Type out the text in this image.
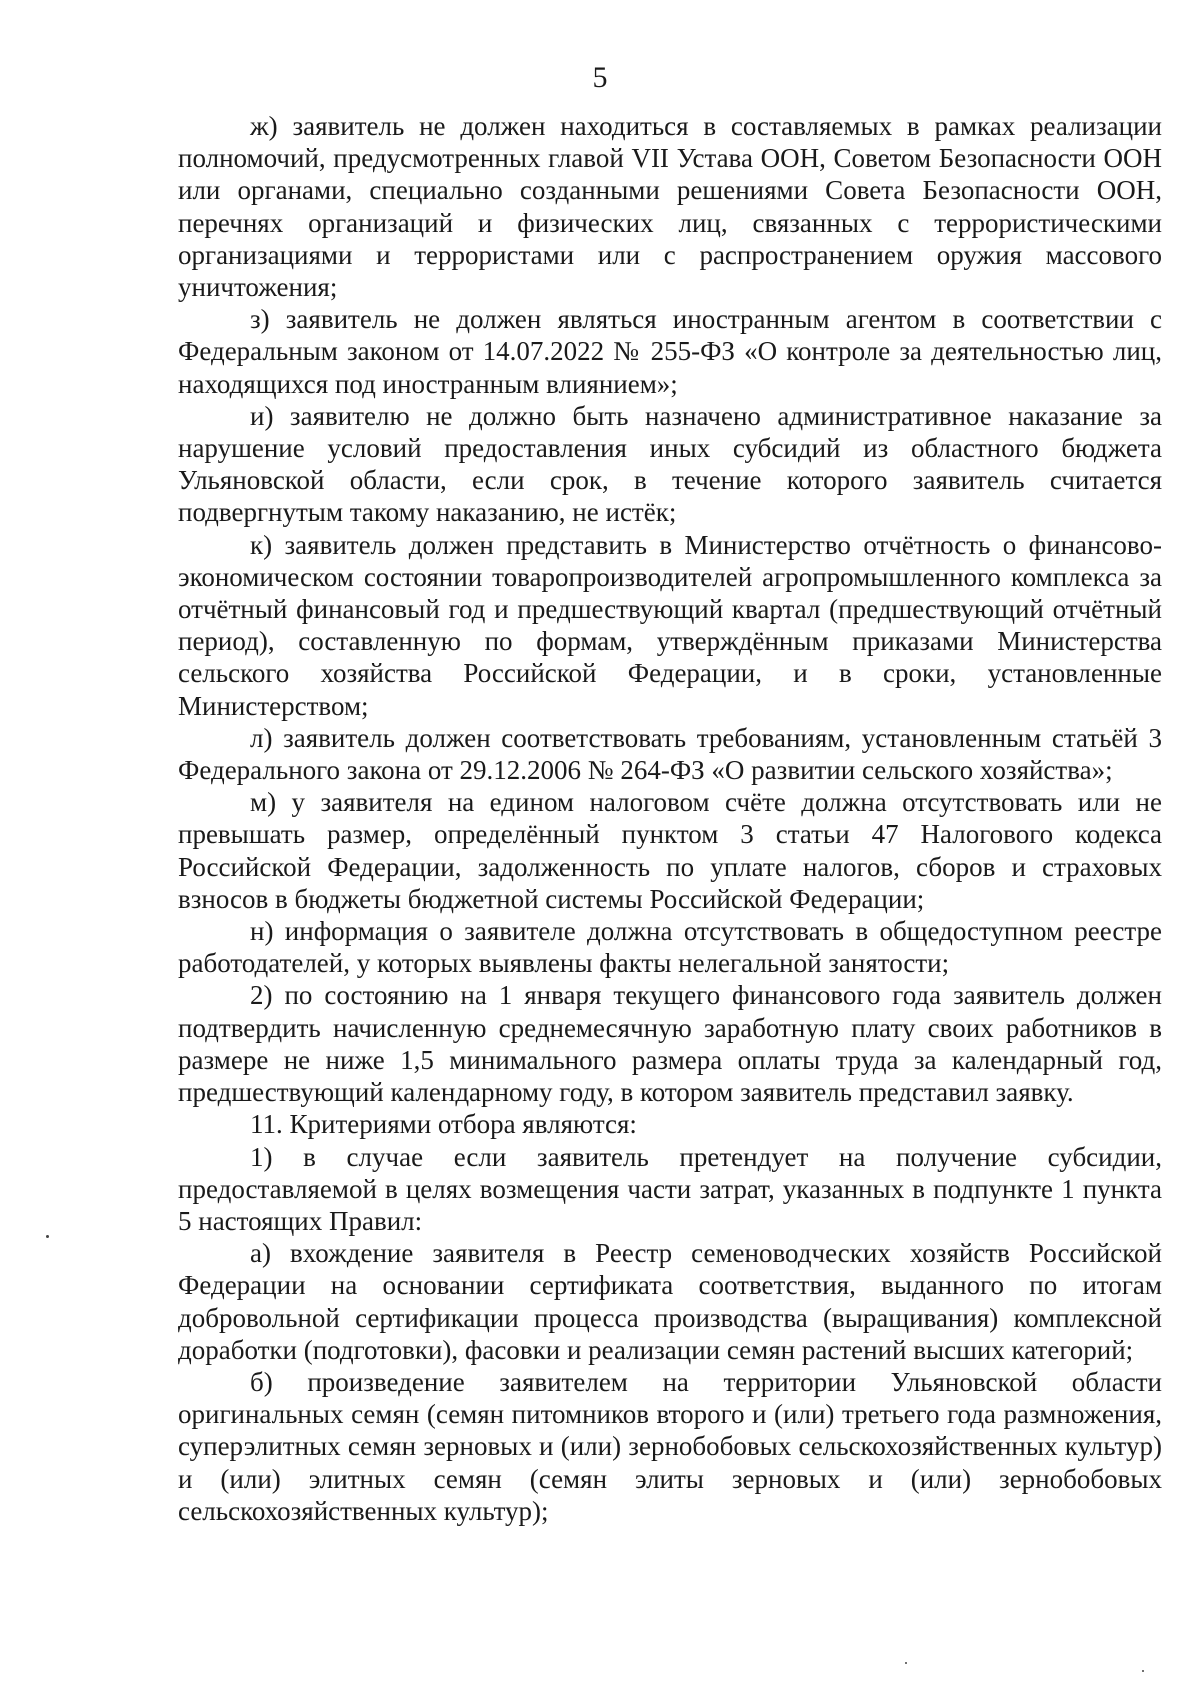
5

ж) заявитель не должен находиться в составляемых в рамках реализации полномочий, предусмотренных главой VII Устава ООН, Советом Безопасности ООН или органами, специально созданными решениями Совета Безопасности ООН, перечнях организаций и физических лиц, связанных с террористическими организациями и террористами или с распространением оружия массового уничтожения;

з) заявитель не должен являться иностранным агентом в соответствии с Федеральным законом от 14.07.2022 № 255-ФЗ «О контроле за деятельностью лиц, находящихся под иностранным влиянием»;

и) заявителю не должно быть назначено административное наказание за нарушение условий предоставления иных субсидий из областного бюджета Ульяновской области, если срок, в течение которого заявитель считается подвергнутым такому наказанию, не истёк;

к) заявитель должен представить в Министерство отчётность о финансово-экономическом состоянии товаропроизводителей агропромышленного комплекса за отчётный финансовый год и предшествующий квартал (предшествующий отчётный период), составленную по формам, утверждённым приказами Министерства сельского хозяйства Российской Федерации, и в сроки, установленные Министерством;

л) заявитель должен соответствовать требованиям, установленным статьёй 3 Федерального закона от 29.12.2006 № 264-ФЗ «О развитии сельского хозяйства»;

м) у заявителя на едином налоговом счёте должна отсутствовать или не превышать размер, определённый пунктом 3 статьи 47 Налогового кодекса Российской Федерации, задолженность по уплате налогов, сборов и страховых взносов в бюджеты бюджетной системы Российской Федерации;

н) информация о заявителе должна отсутствовать в общедоступном реестре работодателей, у которых выявлены факты нелегальной занятости;

2) по состоянию на 1 января текущего финансового года заявитель должен подтвердить начисленную среднемесячную заработную плату своих работников в размере не ниже 1,5 минимального размера оплаты труда за календарный год, предшествующий календарному году, в котором заявитель представил заявку.

11. Критериями отбора являются:

1) в случае если заявитель претендует на получение субсидии, предоставляемой в целях возмещения части затрат, указанных в подпункте 1 пункта 5 настоящих Правил:

а) вхождение заявителя в Реестр семеноводческих хозяйств Российской Федерации на основании сертификата соответствия, выданного по итогам добровольной сертификации процесса производства (выращивания) комплексной доработки (подготовки), фасовки и реализации семян растений высших категорий;

б) произведение заявителем на территории Ульяновской области оригинальных семян (семян питомников второго и (или) третьего года размножения, суперэлитных семян зерновых и (или) зернобобовых сельскохозяйственных культур) и (или) элитных семян (семян элиты зерновых и (или) зернобобовых сельскохозяйственных культур);
